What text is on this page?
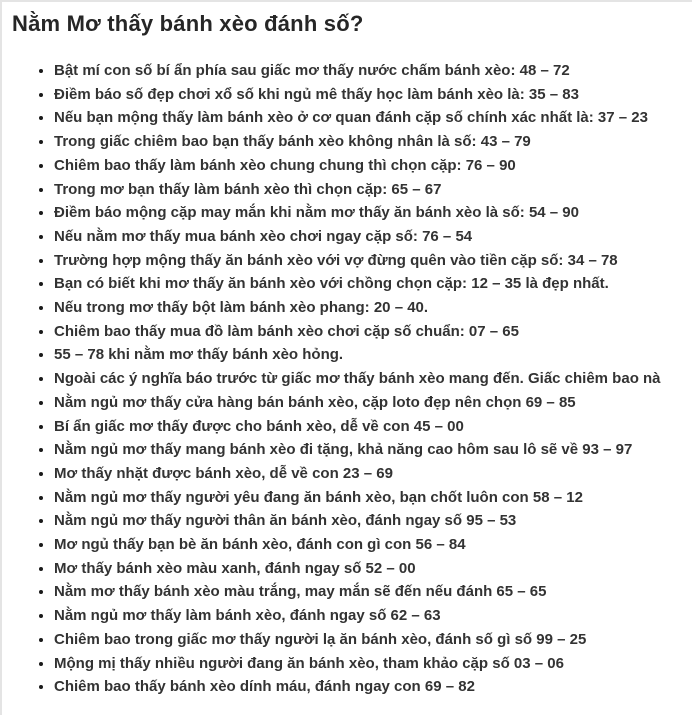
Nằm Mơ thấy bánh xèo đánh số?
• Bật mí con số bí ẩn phía sau giấc mơ thấy nước chấm bánh xèo: 48 – 72
• Điềm báo số đẹp chơi xổ số khi ngủ mê thấy học làm bánh xèo là: 35 – 83
• Nếu bạn mộng thấy làm bánh xèo ở cơ quan đánh cặp số chính xác nhất là: 37 – 23
• Trong giấc chiêm bao bạn thấy bánh xèo không nhân là số: 43 – 79
• Chiêm bao thấy làm bánh xèo chung chung thì chọn cặp: 76 – 90
• Trong mơ bạn thấy làm bánh xèo thì chọn cặp: 65 – 67
• Điềm báo mộng cặp may mắn khi nằm mơ thấy ăn bánh xèo là số: 54 – 90
• Nếu nằm mơ thấy mua bánh xèo chơi ngay cặp số: 76 – 54
• Trường hợp mộng thấy ăn bánh xèo với vợ đừng quên vào tiền cặp số: 34 – 78
• Bạn có biết khi mơ thấy ăn bánh xèo với chồng chọn cặp: 12 – 35 là đẹp nhất.
• Nếu trong mơ thấy bột làm bánh xèo phang: 20 – 40.
• Chiêm bao thấy mua đồ làm bánh xèo chơi cặp số chuẩn: 07 – 65
• 55 – 78 khi nằm mơ thấy bánh xèo hỏng.
• Ngoài các ý nghĩa báo trước từ giấc mơ thấy bánh xèo mang đến. Giấc chiêm bao nà
• Nằm ngủ mơ thấy cửa hàng bán bánh xèo, cặp loto đẹp nên chọn 69 – 85
• Bí ẩn giấc mơ thấy được cho bánh xèo, dễ về con 45 – 00
• Nằm ngủ mơ thấy mang bánh xèo đi tặng, khả năng cao hôm sau lô sẽ về 93 – 97
• Mơ thấy nhặt được bánh xèo, dễ về con 23 – 69
• Nằm ngủ mơ thấy người yêu đang ăn bánh xèo, bạn chốt luôn con 58 – 12
• Nằm ngủ mơ thấy người thân ăn bánh xèo, đánh ngay số 95 – 53
• Mơ ngủ thấy bạn bè ăn bánh xèo, đánh con gì con 56 – 84
• Mơ thấy bánh xèo màu xanh, đánh ngay số 52 – 00
• Nằm mơ thấy bánh xèo màu trắng, may mắn sẽ đến nếu đánh 65 – 65
• Nằm ngủ mơ thấy làm bánh xèo, đánh ngay số 62 – 63
• Chiêm bao trong giấc mơ thấy người lạ ăn bánh xèo, đánh số gì số 99 – 25
• Mộng mị thấy nhiều người đang ăn bánh xèo, tham khảo cặp số 03 – 06
• Chiêm bao thấy bánh xèo dính máu, đánh ngay con 69 – 82
